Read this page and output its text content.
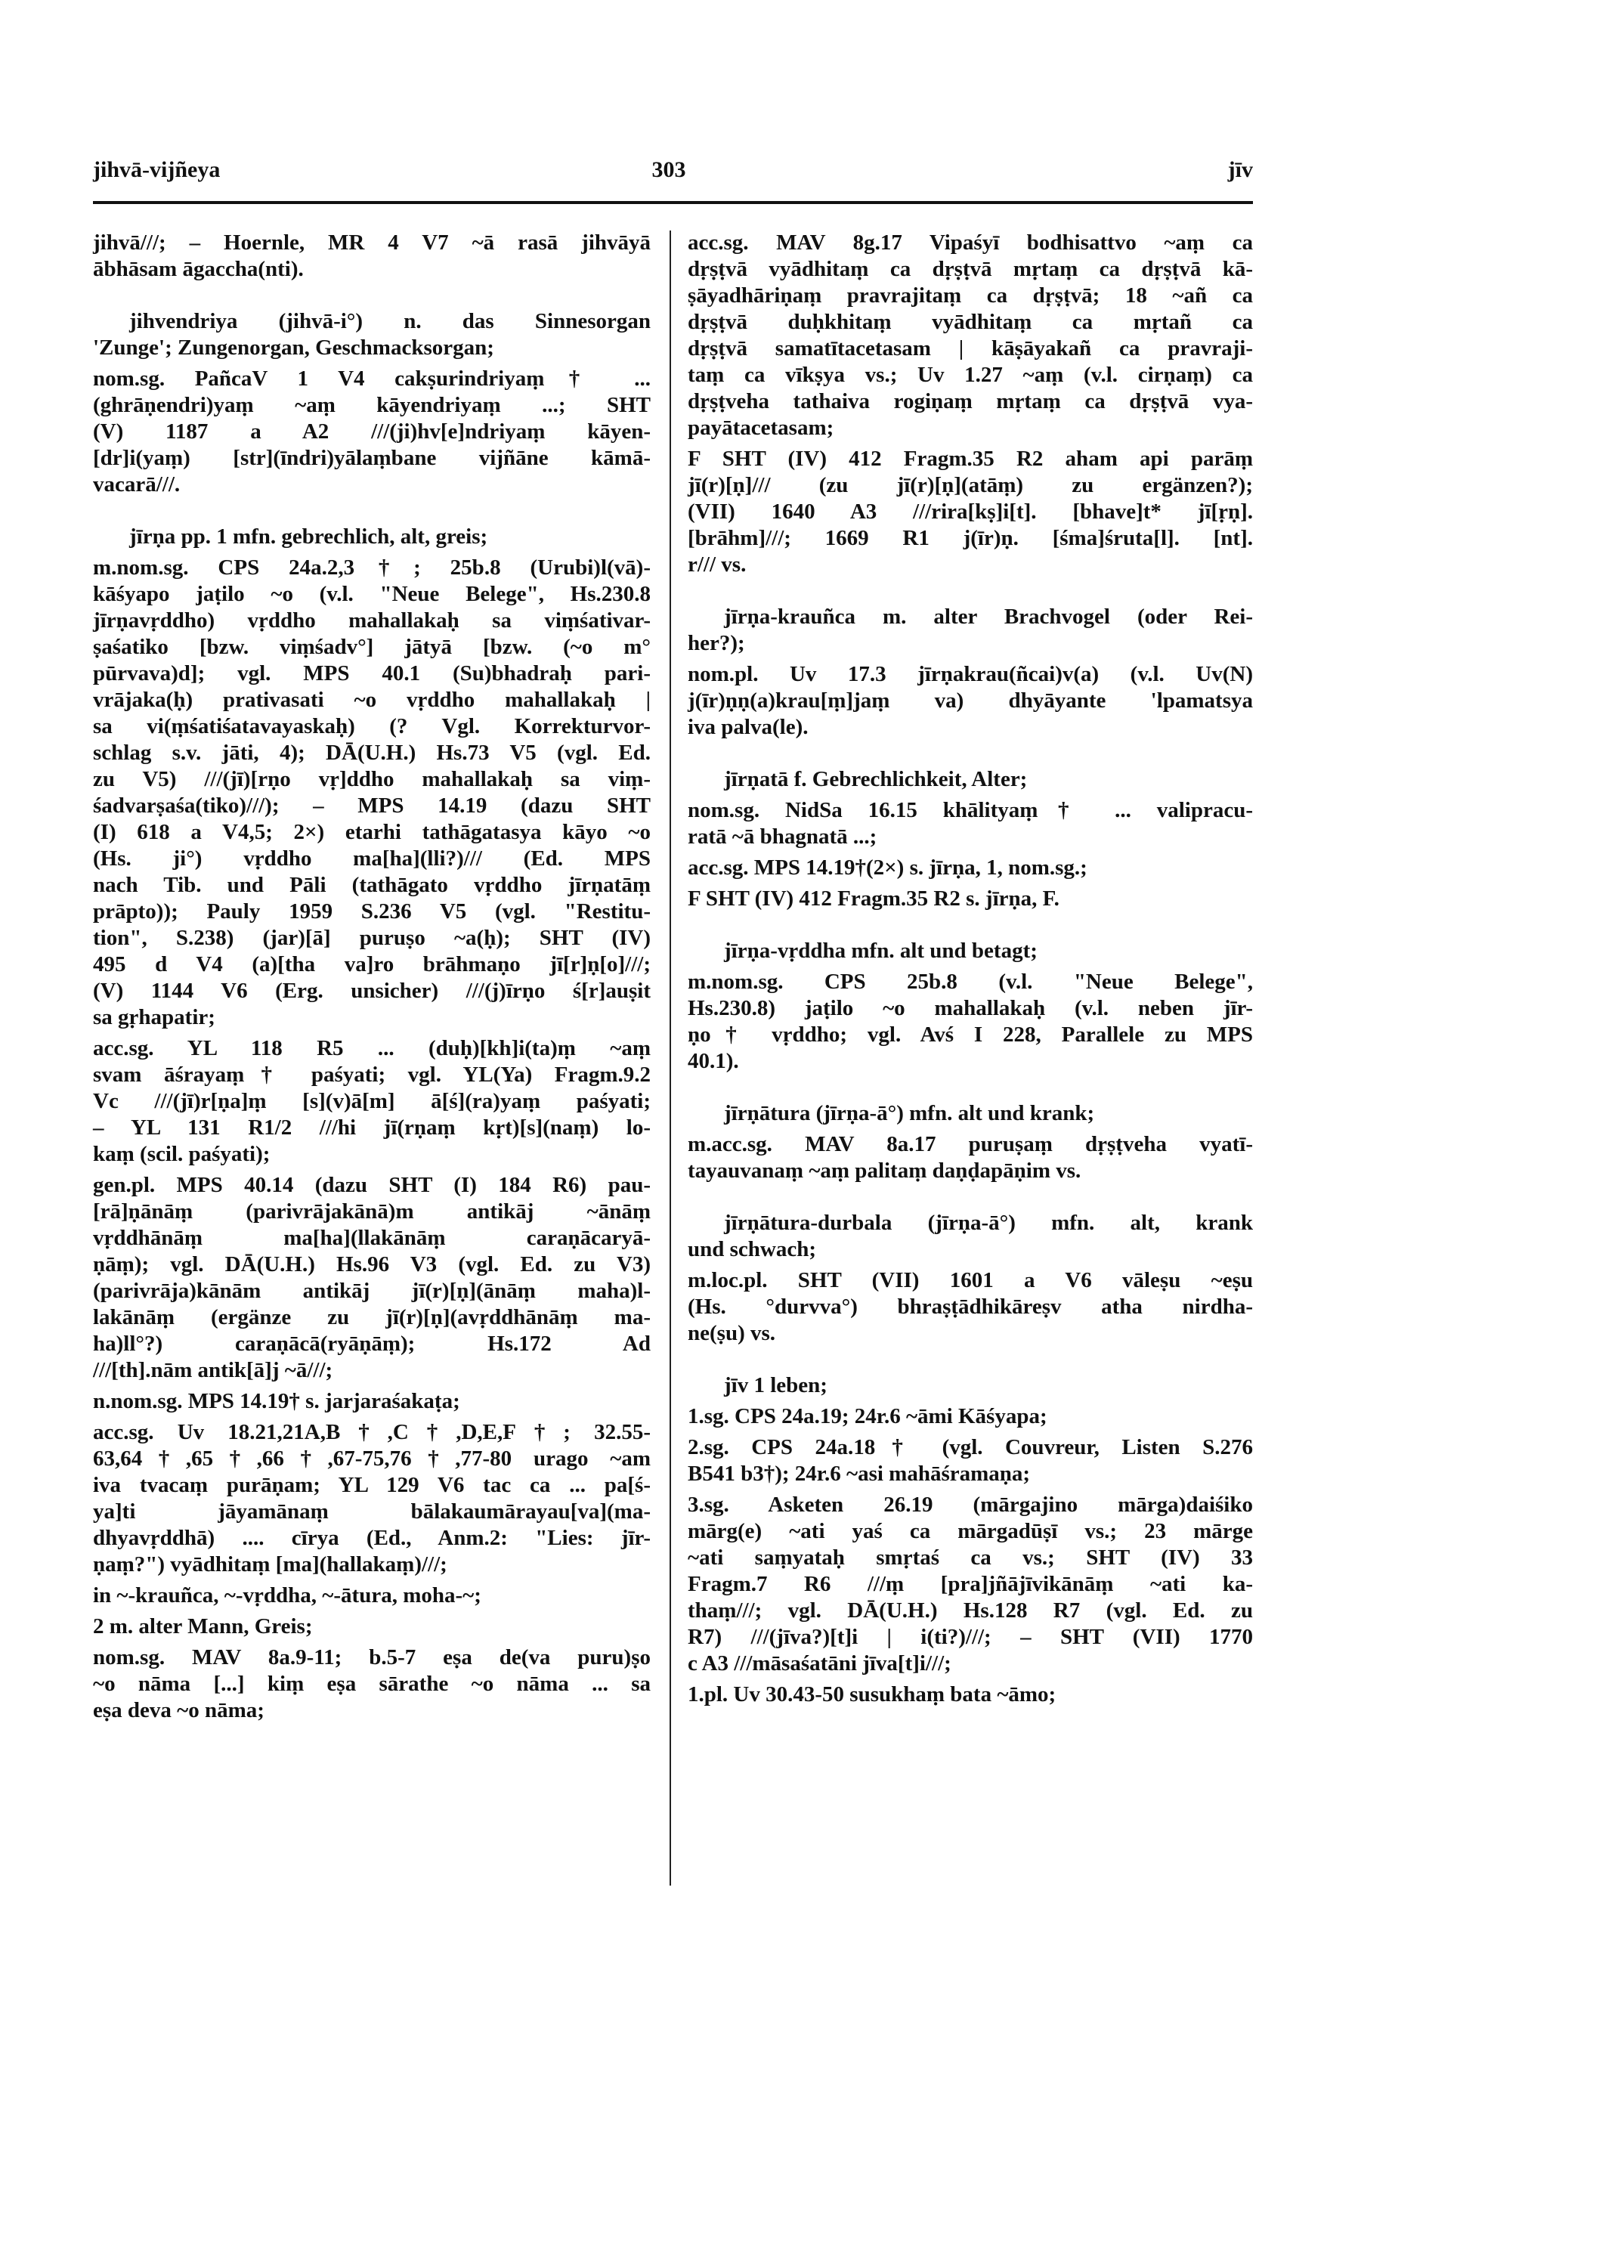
jihvā-vijñeya	303	jīv
jihvā///; – Hoernle, MR 4 V7 ~ā rasā jihvāyā
ābhāsam āgaccha(nti).
jihvendriya (jihvā-i°) n. das Sinnesorgan
'Zunge'; Zungenorgan, Geschmacksorgan;
nom.sg. PañcaV 1 V4 cakṣurindriyaṃ† ...
(ghrāṇendri)yaṃ ~aṃ kāyendriyaṃ ...; SHT
(V) 1187 a A2 ///(ji)hv[e]ndriyaṃ kāyen-
[dr]i(yaṃ) [str](īndri)yālaṃbane vijñāne kāmā-
vacarā///.
jīrṇa pp. 1 mfn. gebrechlich, alt, greis;
m.nom.sg. CPS 24a.2,3†; 25b.8 (Urubi)l(vā)-
kāśyapo jaṭilo ~o (v.l. "Neue Belege", Hs.230.8
jīrṇavṛddho) vṛddho mahallakaḥ sa viṃśativar-
ṣaśatiko [bzw. viṃśadv°] jātyā [bzw. (~o m°
pūrvava)d]; vgl. MPS 40.1 (Su)bhadraḥ pari-
vrājaka(ḥ) prativasati ~o vṛddho mahallakaḥ |
sa vi(ṃśatiśatavayaskaḥ) (? Vgl. Korrekturvor-
schlag s.v. jāti, 4); DĀ(U.H.) Hs.73 V5 (vgl. Ed.
zu V5) ///(jī)[rṇo vṛ]ddho mahallakaḥ sa viṃ-
śadvarṣaśa(tiko)///); – MPS 14.19 (dazu SHT
(I) 618 a V4,5; 2×) etarhi tathāgatasya kāyo ~o
(Hs. ji°) vṛddho ma[ha](lli?)/// (Ed. MPS
nach Tib. und Pāli (tathāgato vṛddho jīrṇatāṃ
prāpto)); Pauly 1959 S.236 V5 (vgl. "Restitu-
tion", S.238) (jar)[ā] puruṣo ~a(ḥ); SHT (IV)
495 d V4 (a)[tha va]ro brāhmaṇo jī[r]ṇ[o]///;
(V) 1144 V6 (Erg. unsicher) ///(j)īrṇo ś[r]auṣit
sa gṛhapatir;
acc.sg. YL 118 R5 ... (duḥ)[kh]i(ta)ṃ ~aṃ
svam āśrayaṃ† paśyati; vgl. YL(Ya) Fragm.9.2
Vc ///(jī)r[ṇa]ṃ [s](v)ā[m] ā[ś](ra)yaṃ paśyati;
– YL 131 R1/2 ///hi jī(rṇaṃ kṛt)[s](naṃ) lo-
kaṃ (scil. paśyati);
gen.pl. MPS 40.14 (dazu SHT (I) 184 R6) pau-
[rā]ṇānāṃ (parivrājakānā)m antikāj ~ānāṃ
vṛddhānāṃ ma[ha](llakānāṃ caraṇācaryā-
ṇāṃ); vgl. DĀ(U.H.) Hs.96 V3 (vgl. Ed. zu V3)
(parivrāja)kānām antikāj jī(r)[ṇ](ānāṃ maha)l-
lakānāṃ (ergänze zu jī(r)[ṇ](avṛddhānāṃ ma-
ha)ll°?) caraṇācā(ryāṇāṃ); Hs.172 Ad
///[th].nām antik[ā]j ~ā///;
n.nom.sg. MPS 14.19† s. jarjaraśakaṭa;
acc.sg. Uv 18.21,21A,B†,C†,D,E,F†; 32.55-
63,64†,65†,66†,67-75,76†,77-80 urago ~am
iva tvacaṃ purāṇam; YL 129 V6 tac ca ... pa[ś-
ya]ti jāyamānaṃ bālakaumārayau[va](ma-
dhyavṛddhā) .... cīrya (Ed., Anm.2: "Lies: jīr-
ṇaṃ?") vyādhitaṃ [ma](hallakaṃ)///;
in ~-krauñca, ~-vṛddha, ~-ātura, moha-~;
2 m. alter Mann, Greis;
nom.sg. MAV 8a.9-11; b.5-7 eṣa de(va puru)ṣo
~o nāma [...] kiṃ eṣa sārathe ~o nāma ... sa
eṣa deva ~o nāma;
acc.sg. MAV 8g.17 Vipaśyī bodhisattvo ~aṃ ca
dṛṣṭvā vyādhitaṃ ca dṛṣṭvā mṛtaṃ ca dṛṣṭvā kā-
ṣāyadhāriṇaṃ pravrajitaṃ ca dṛṣṭvā; 18 ~añ ca
dṛṣṭvā duḥkhitaṃ vyādhitaṃ ca mṛtañ ca
dṛṣṭvā samatītacetasam | kāṣāyakañ ca pravraji-
taṃ ca vīkṣya vs.; Uv 1.27 ~aṃ (v.l. cirṇaṃ) ca
dṛṣṭveha tathaiva rogiṇaṃ mṛtaṃ ca dṛṣṭvā vya-
payātacetasam;
F SHT (IV) 412 Fragm.35 R2 aham api parāṃ
jī(r)[ṇ]/// (zu jī(r)[ṇ](atāṃ) zu ergänzen?);
(VII) 1640 A3 ///rira[kṣ]i[t]. [bhave]t* jī[ṛṇ].
[brāhm]///; 1669 R1 j(īr)ṇ. [śma]śruta[l]. [nt].
r/// vs.
jīrṇa-krauñca m. alter Brachvogel (oder Rei-
her?);
nom.pl. Uv 17.3 jīrṇakrau(ñcai)v(a) (v.l. Uv(N)
j(īr)ṇṇ(a)krau[ṃ]jaṃ va) dhyāyante 'lpamatsya
iva palva(le).
jīrṇatā f. Gebrechlichkeit, Alter;
nom.sg. NidSa 16.15 khālityaṃ† ... valipracu-
ratā ~ā bhagnatā ...;
acc.sg. MPS 14.19†(2×) s. jīrṇa, 1, nom.sg.;
F SHT (IV) 412 Fragm.35 R2 s. jīrṇa, F.
jīrṇa-vṛddha mfn. alt und betagt;
m.nom.sg. CPS 25b.8 (v.l. "Neue Belege",
Hs.230.8) jaṭilo ~o mahallakaḥ (v.l. neben jīr-
ṇo† vṛddho; vgl. Avś I 228, Parallele zu MPS
40.1).
jīrṇātura (jīrṇa-ā°) mfn. alt und krank;
m.acc.sg. MAV 8a.17 puruṣaṃ dṛṣṭveha vyatī-
tayauvanaṃ ~aṃ palitaṃ daṇḍapāṇim vs.
jīrṇātura-durbala (jīrṇa-ā°) mfn. alt, krank
und schwach;
m.loc.pl. SHT (VII) 1601 a V6 vāleṣu ~eṣu
(Hs. °durvva°) bhraṣṭādhikāreṣv atha nirdha-
ne(ṣu) vs.
jīv 1 leben;
1.sg. CPS 24a.19; 24r.6 ~āmi Kāśyapa;
2.sg. CPS 24a.18† (vgl. Couvreur, Listen S.276
B541 b3†); 24r.6 ~asi mahāśramaṇa;
3.sg. Asketen 26.19 (mārgajino mārga)daiśiko
mārg(e) ~ati yaś ca mārgadūṣī vs.; 23 mārge
~ati saṃyataḥ smṛtaś ca vs.; SHT (IV) 33
Fragm.7 R6 ///ṃ [pra]jñājīvikānāṃ ~ati ka-
thaṃ///; vgl. DĀ(U.H.) Hs.128 R7 (vgl. Ed. zu
R7) ///(jīva?)[t]i | i(ti?)///; – SHT (VII) 1770
c A3 ///māsaśatāni jīva[t]i///;
1.pl. Uv 30.43-50 susukhaṃ bata ~āmo;
